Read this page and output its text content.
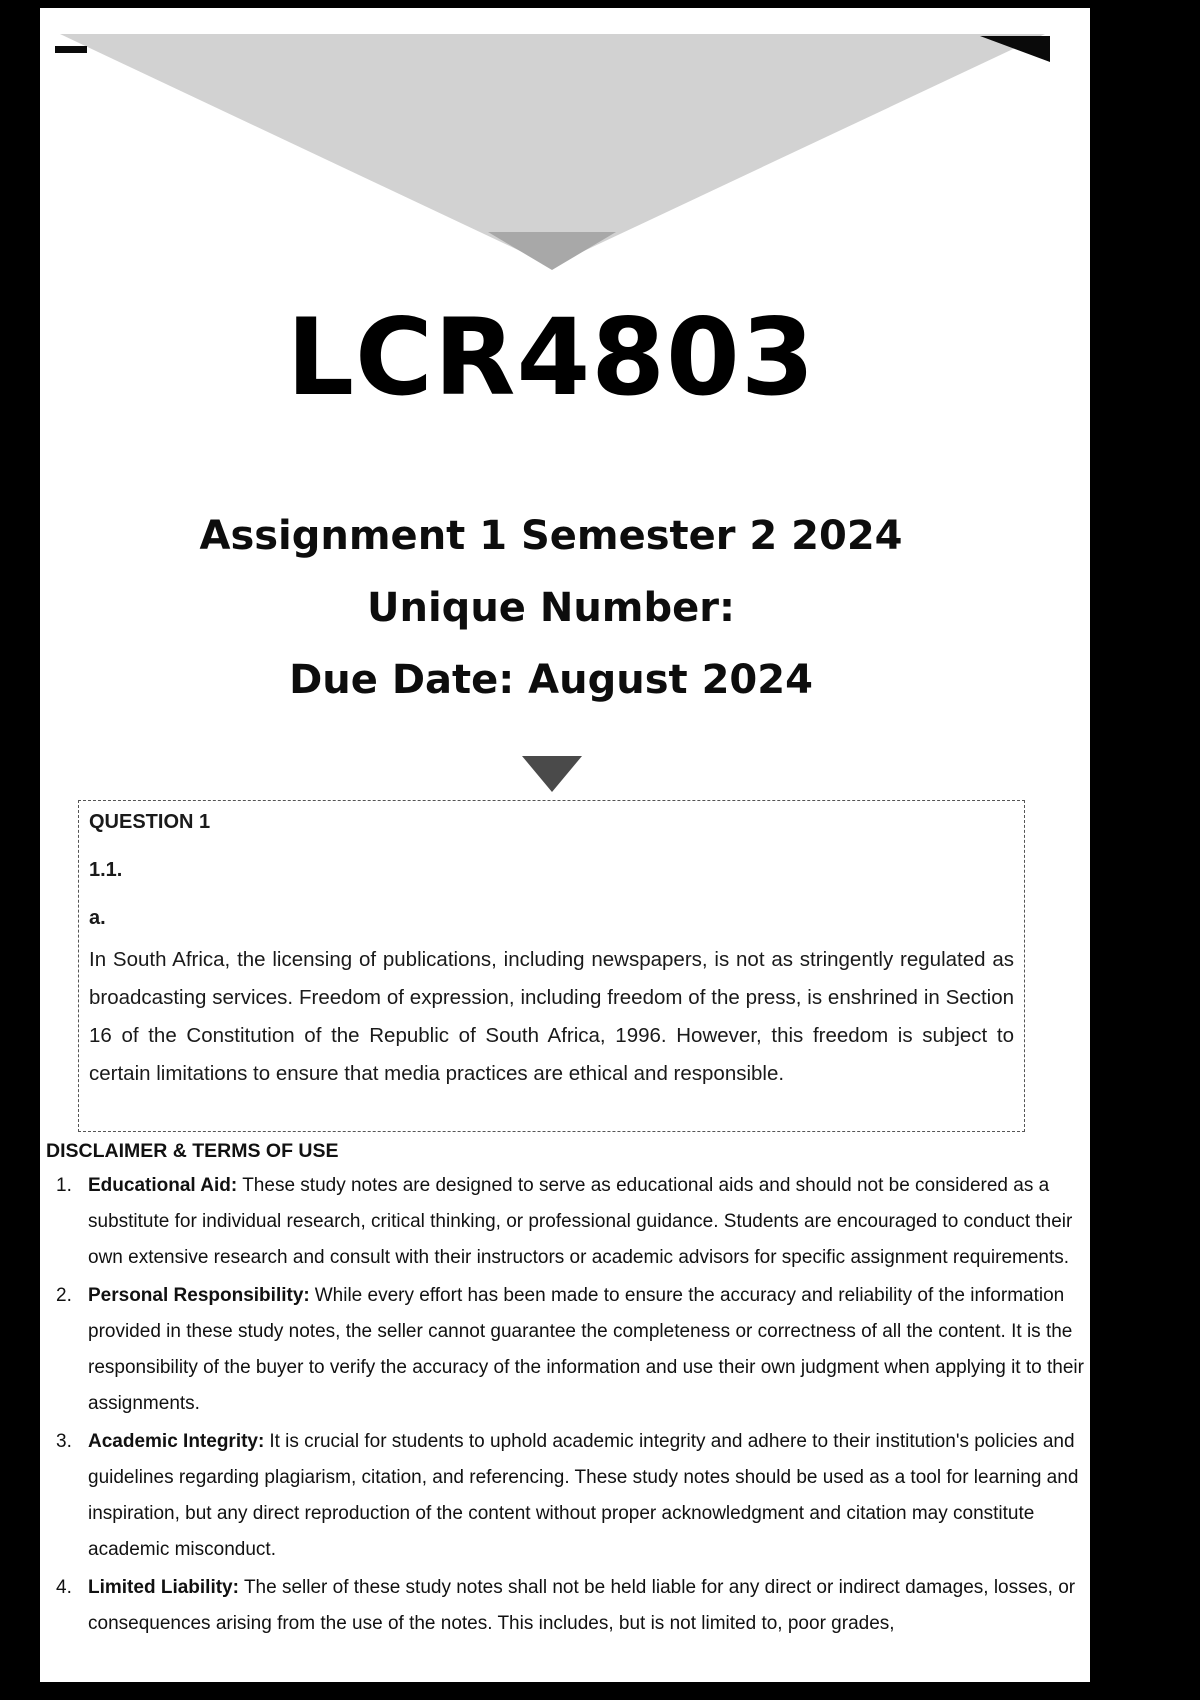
LCR4803
Assignment 1 Semester 2 2024
Unique Number:
Due Date: August 2024
QUESTION 1
1.1.
a.

In South Africa, the licensing of publications, including newspapers, is not as stringently regulated as broadcasting services. Freedom of expression, including freedom of the press, is enshrined in Section 16 of the Constitution of the Republic of South Africa, 1996. However, this freedom is subject to certain limitations to ensure that media practices are ethical and responsible.

DISCLAIMER & TERMS OF USE
1. Educational Aid: These study notes are designed to serve as educational aids and should not be considered as a substitute for individual research, critical thinking, or professional guidance. Students are encouraged to conduct their own extensive research and consult with their instructors or academic advisors for specific assignment requirements.
2. Personal Responsibility: While every effort has been made to ensure the accuracy and reliability of the information provided in these study notes, the seller cannot guarantee the completeness or correctness of all the content. It is the responsibility of the buyer to verify the accuracy of the information and use their own judgment when applying it to their assignments.
3. Academic Integrity: It is crucial for students to uphold academic integrity and adhere to their institution's policies and guidelines regarding plagiarism, citation, and referencing. These study notes should be used as a tool for learning and inspiration, but any direct reproduction of the content without proper acknowledgment and citation may constitute academic misconduct.
4. Limited Liability: The seller of these study notes shall not be held liable for any direct or indirect damages, losses, or consequences arising from the use of the notes. This includes, but is not limited to, poor grades,
